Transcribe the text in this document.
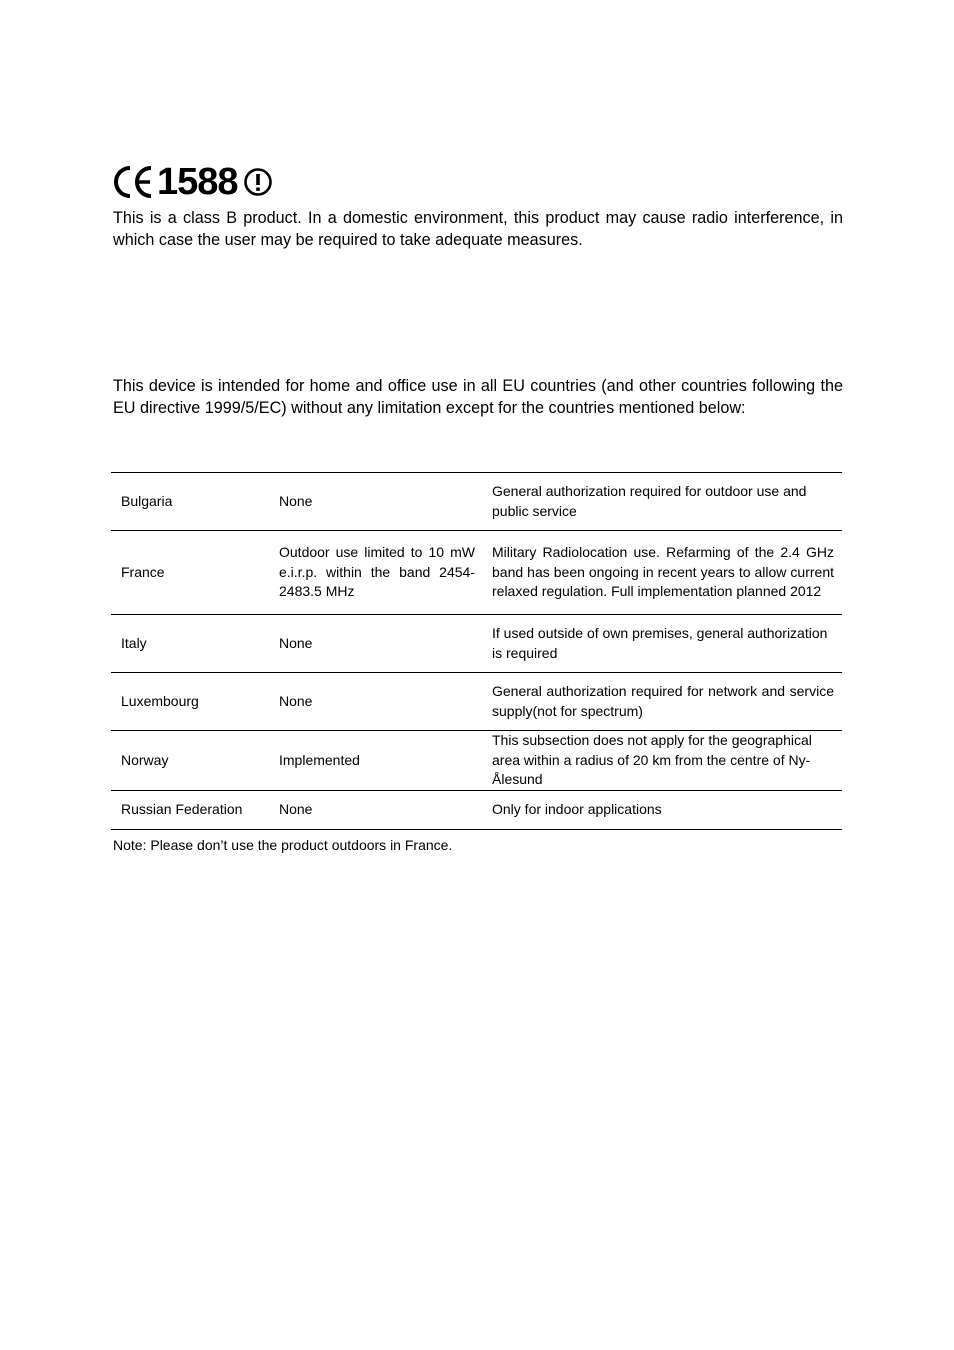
1588

This is a class B product. In a domestic environment, this product may cause radio interference, in which case the user may be required to take adequate measures.

This device is intended for home and office use in all EU countries (and other countries following the EU directive 1999/5/EC) without any limitation except for the countries mentioned below:

Bulgaria	None	General authorization required for outdoor use and public service
France	Outdoor use limited to 10 mW e.i.r.p. within the band 2454-2483.5 MHz	Military Radiolocation use. Refarming of the 2.4 GHz band has been ongoing in recent years to allow current relaxed regulation. Full implementation planned 2012
Italy	None	If used outside of own premises, general authorization is required
Luxembourg	None	General authorization required for network and service supply(not for spectrum)
Norway	Implemented	This subsection does not apply for the geographical area within a radius of 20 km from the centre of Ny-Ålesund
Russian Federation	None	Only for indoor applications

Note: Please don’t use the product outdoors in France.
